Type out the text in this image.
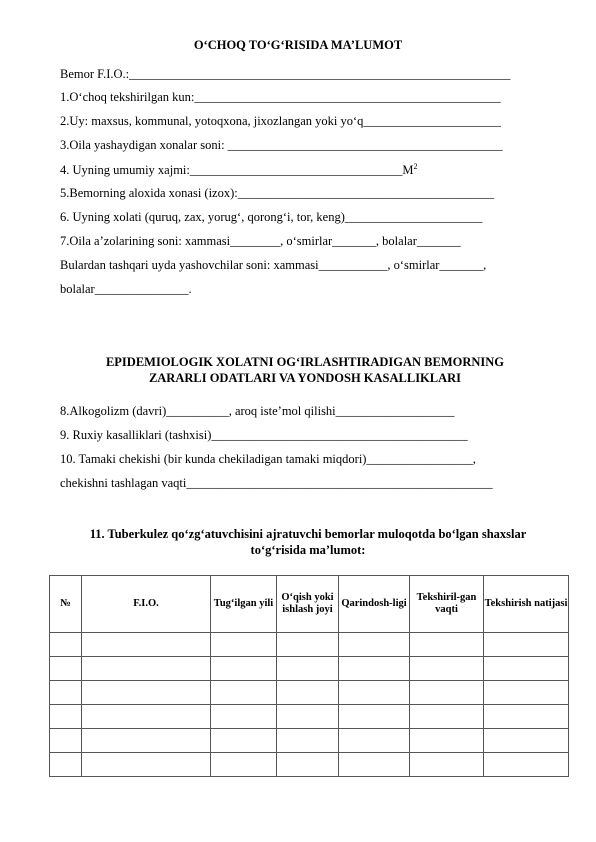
O‘CHOQ TO‘G‘RISIDA MA’LUMOT
Bemor F.I.O.:_____________________________________________________________
1.O‘choq tekshirilgan kun:_________________________________________________
2.Uy: maxsus, kommunal, yotoqxona, jixozlangan yoki yo‘q______________________
3.Oila yashaydigan xonalar soni: ____________________________________________
4. Uyning umumiy $xajmi:\_\_\_\_\_\_\_\_\_\_\_\_\_\_\_\_\_\_\_\_\_\_\_\_\_\_\_\_\_\_\_\_\_\_M^2$
5.Bemorning aloxida xonasi (izox):_________________________________________
6. Uyning xolati (quruq, zax, yorug‘, qorong‘i, tor, keng)______________________
7.Oila a’zolarining soni: xammasi________, o‘smirlar_______, bolalar_______
Bulardan tashqari uyda yashovchilar soni: xammasi___________, o‘smirlar_______,
bolalar_______________.
EPIDEMIOLOGIK XOLATNI OG‘IRLASHTIRADIGAN BEMORNING
ZARARLI ODATLARI VA YONDOSH KASALLIKLARI
8.Alkogolizm (davri)__________, aroq iste’mol qilishi___________________
9. Ruxiy kasalliklari (tashxisi)_________________________________________
10. Tamaki chekishi (bir kunda chekiladigan tamaki miqdori)_________________,
chekishni tashlagan vaqti_________________________________________________
11. Tuberkulez qo‘zg‘atuvchisini ajratuvchi bemorlar muloqotda bo‘lgan shaxslar
to‘g‘risida ma’lumot:
№	F.I.O.	Tug‘ilgan yili	O‘qish yoki ishlash joyi	Qarindosh-ligi	Tekshiril-gan vaqti	Tekshirish natijasi
